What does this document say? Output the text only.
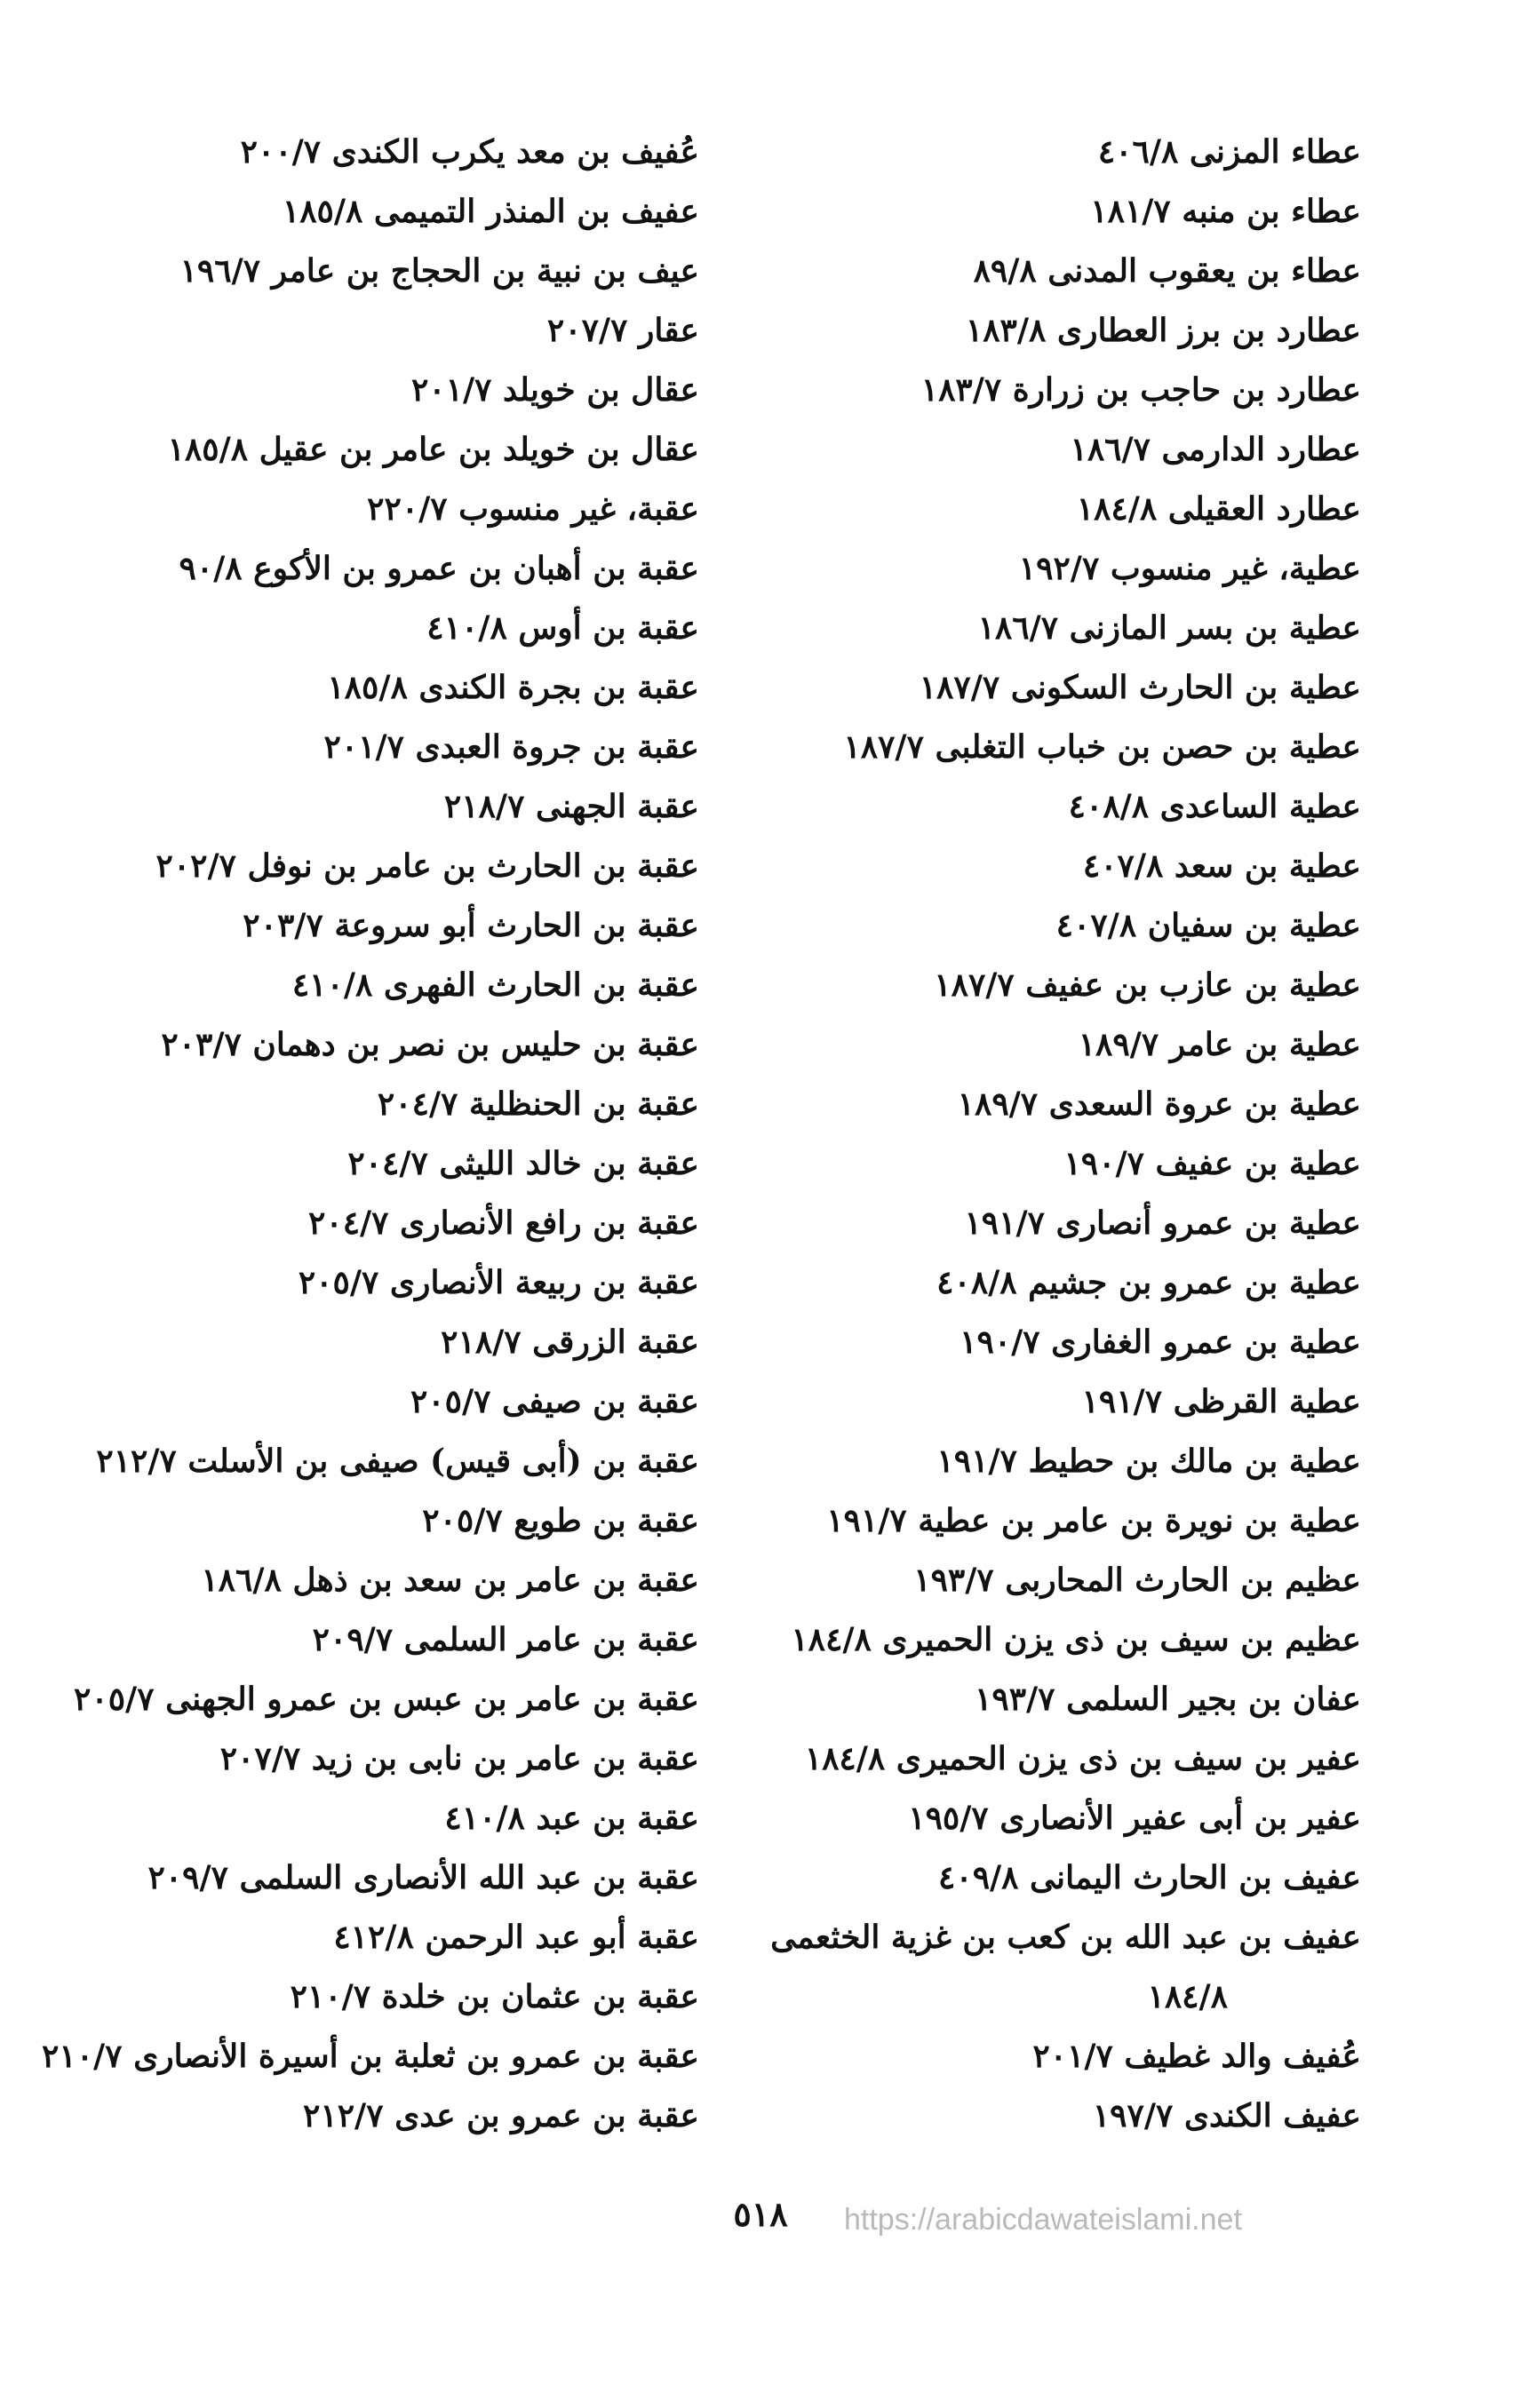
عطاء المزنى ٤٠٦/٨
عطاء بن منبه ١٨١/٧
عطاء بن يعقوب المدنى ٨٩/٨
عطارد بن برز العطارى ١٨٣/٨
عطارد بن حاجب بن زرارة ١٨٣/٧
عطارد الدارمى ١٨٦/٧
عطارد العقيلى ١٨٤/٨
عطية، غير منسوب ١٩٢/٧
عطية بن بسر المازنى ١٨٦/٧
عطية بن الحارث السكونى ١٨٧/٧
عطية بن حصن بن خباب التغلبى ١٨٧/٧
عطية الساعدى ٤٠٨/٨
عطية بن سعد ٤٠٧/٨
عطية بن سفيان ٤٠٧/٨
عطية بن عازب بن عفيف ١٨٧/٧
عطية بن عامر ١٨٩/٧
عطية بن عروة السعدى ١٨٩/٧
عطية بن عفيف ١٩٠/٧
عطية بن عمرو أنصارى ١٩١/٧
عطية بن عمرو بن جشيم ٤٠٨/٨
عطية بن عمرو الغفارى ١٩٠/٧
عطية القرظى ١٩١/٧
عطية بن مالك بن حطيط ١٩١/٧
عطية بن نويرة بن عامر بن عطية ١٩١/٧
عظيم بن الحارث المحاربى ١٩٣/٧
عظيم بن سيف بن ذى يزن الحميرى ١٨٤/٨
عفان بن بجير السلمى ١٩٣/٧
عفير بن سيف بن ذى يزن الحميرى ١٨٤/٨
عفير بن أبى عفير الأنصارى ١٩٥/٧
عفيف بن الحارث اليمانى ٤٠٩/٨
عفيف بن عبد الله بن كعب بن غزية الخثعمى
١٨٤/٨
عُفيف والد غطيف ٢٠١/٧
عفيف الكندى ١٩٧/٧
عُفيف بن معد يكرب الكندى ٢٠٠/٧
عفيف بن المنذر التميمى ١٨٥/٨
عيف بن نبية بن الحجاج بن عامر ١٩٦/٧
عقار ٢٠٧/٧
عقال بن خويلد ٢٠١/٧
عقال بن خويلد بن عامر بن عقيل ١٨٥/٨
عقبة، غير منسوب ٢٢٠/٧
عقبة بن أهبان بن عمرو بن الأكوع ٩٠/٨
عقبة بن أوس ٤١٠/٨
عقبة بن بجرة الكندى ١٨٥/٨
عقبة بن جروة العبدى ٢٠١/٧
عقبة الجهنى ٢١٨/٧
عقبة بن الحارث بن عامر بن نوفل ٢٠٢/٧
عقبة بن الحارث أبو سروعة ٢٠٣/٧
عقبة بن الحارث الفهرى ٤١٠/٨
عقبة بن حليس بن نصر بن دهمان ٢٠٣/٧
عقبة بن الحنظلية ٢٠٤/٧
عقبة بن خالد الليثى ٢٠٤/٧
عقبة بن رافع الأنصارى ٢٠٤/٧
عقبة بن ربيعة الأنصارى ٢٠٥/٧
عقبة الزرقى ٢١٨/٧
عقبة بن صيفى ٢٠٥/٧
عقبة بن (أبى قيس) صيفى بن الأسلت ٢١٢/٧
عقبة بن طويع ٢٠٥/٧
عقبة بن عامر بن سعد بن ذهل ١٨٦/٨
عقبة بن عامر السلمى ٢٠٩/٧
عقبة بن عامر بن عبس بن عمرو الجهنى ٢٠٥/٧
عقبة بن عامر بن نابى بن زيد ٢٠٧/٧
عقبة بن عبد ٤١٠/٨
عقبة بن عبد الله الأنصارى السلمى ٢٠٩/٧
عقبة أبو عبد الرحمن ٤١٢/٨
عقبة بن عثمان بن خلدة ٢١٠/٧
عقبة بن عمرو بن ثعلبة بن أسيرة الأنصارى ٢١٠/٧
عقبة بن عمرو بن عدى ٢١٢/٧
٥١٨	https://arabicdawateislami.net
